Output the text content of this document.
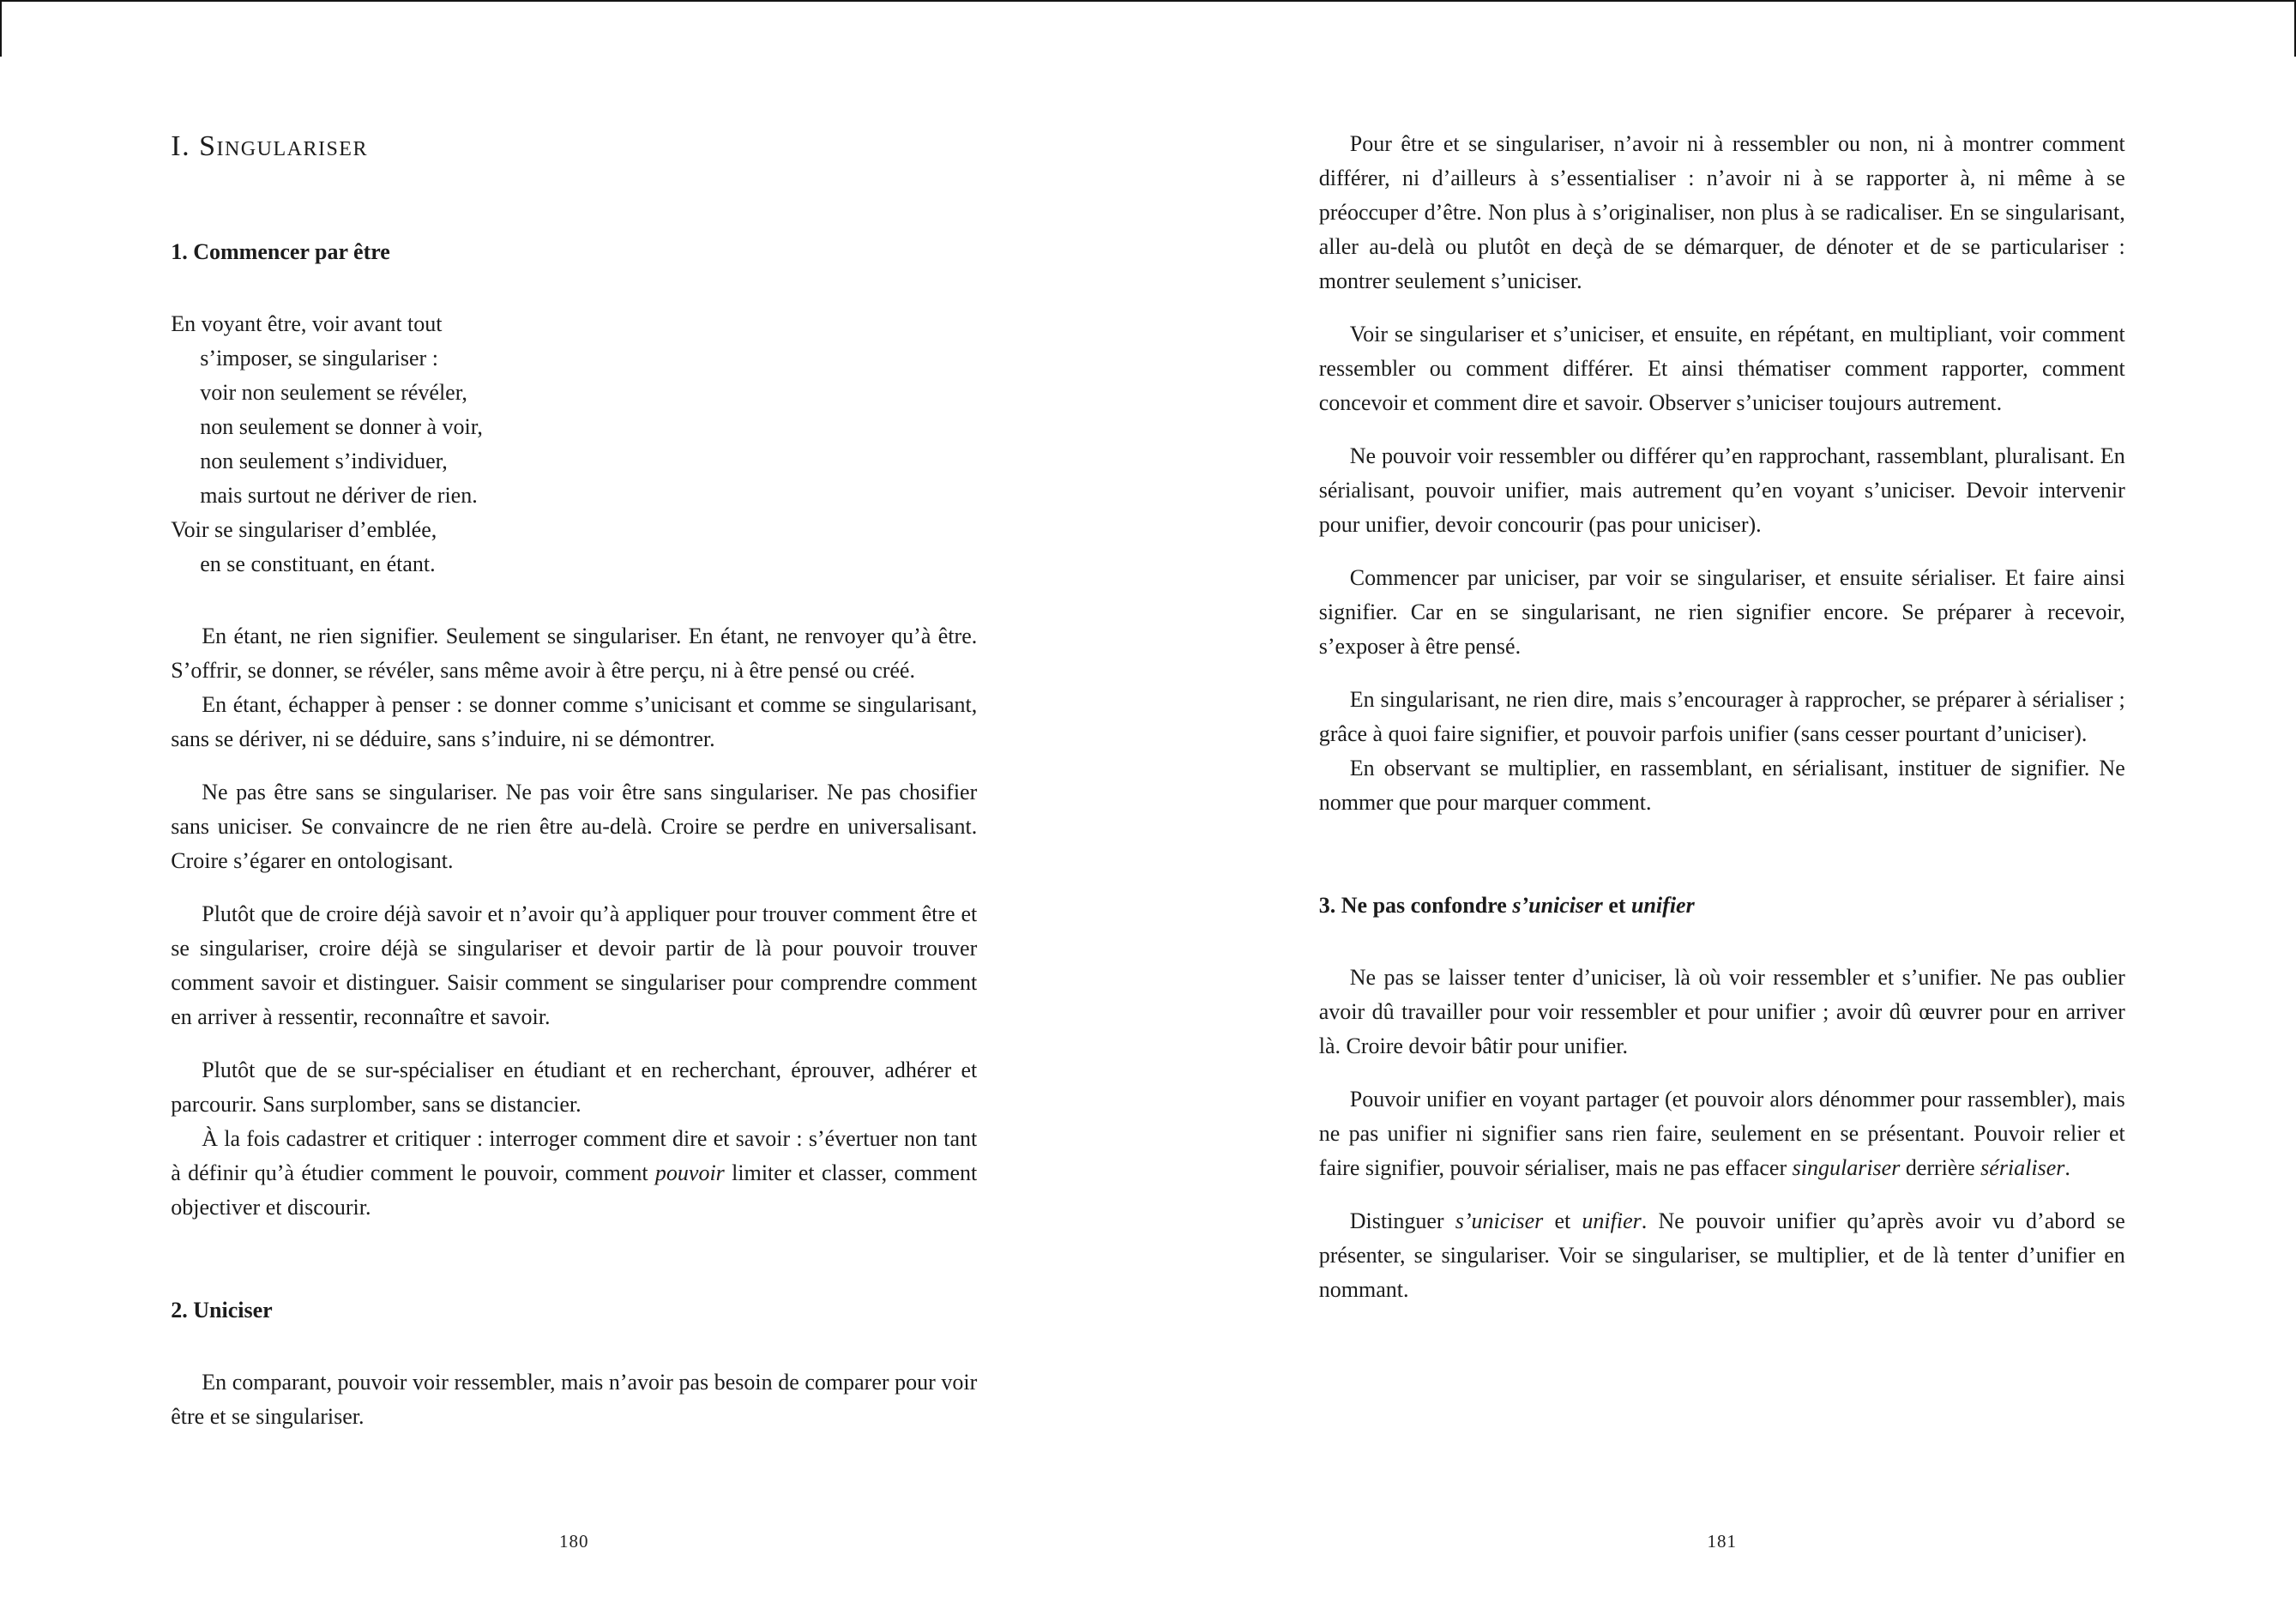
I. Singulariser
1. Commencer par être
En voyant être, voir avant tout
s’imposer, se singulariser :
voir non seulement se révéler,
non seulement se donner à voir,
non seulement s’individuer,
mais surtout ne dériver de rien.
Voir se singulariser d’emblée,
en se constituant, en étant.

En étant, ne rien signifier. Seulement se singulariser. En étant, ne renvoyer qu’à être. S’offrir, se donner, se révéler, sans même avoir à être perçu, ni à être pensé ou créé.

En étant, échapper à penser : se donner comme s’unicisant et comme se singularisant, sans se dériver, ni se déduire, sans s’induire, ni se démontrer.

Ne pas être sans se singulariser. Ne pas voir être sans singulariser. Ne pas chosifier sans uniciser. Se convaincre de ne rien être au-delà. Croire se perdre en universalisant. Croire s’égarer en ontologisant.

Plutôt que de croire déjà savoir et n’avoir qu’à appliquer pour trouver comment être et se singulariser, croire déjà se singulariser et devoir partir de là pour pouvoir trouver comment savoir et distinguer. Saisir comment se singulariser pour comprendre comment en arriver à ressentir, reconnaître et savoir.

Plutôt que de se sur-spécialiser en étudiant et en recherchant, éprouver, adhérer et parcourir. Sans surplomber, sans se distancier.

À la fois cadastrer et critiquer : interroger comment dire et savoir : s’évertuer non tant à définir qu’à étudier comment le pouvoir, comment pouvoir limiter et classer, comment objectiver et discourir.

2. Uniciser

En comparant, pouvoir voir ressembler, mais n’avoir pas besoin de comparer pour voir être et se singulariser.

180

Pour être et se singulariser, n’avoir ni à ressembler ou non, ni à montrer comment différer, ni d’ailleurs à s’essentialiser : n’avoir ni à se rapporter à, ni même à se préoccuper d’être. Non plus à s’originaliser, non plus à se radicaliser. En se singularisant, aller au-delà ou plutôt en deçà de se démarquer, de dénoter et de se particulariser : montrer seulement s’uniciser.

Voir se singulariser et s’uniciser, et ensuite, en répétant, en multipliant, voir comment ressembler ou comment différer. Et ainsi thématiser comment rapporter, comment concevoir et comment dire et savoir. Observer s’uniciser toujours autrement.

Ne pouvoir voir ressembler ou différer qu’en rapprochant, rassemblant, pluralisant. En sérialisant, pouvoir unifier, mais autrement qu’en voyant s’uniciser. Devoir intervenir pour unifier, devoir concourir (pas pour uniciser).

Commencer par uniciser, par voir se singulariser, et ensuite sérialiser. Et faire ainsi signifier. Car en se singularisant, ne rien signifier encore. Se préparer à recevoir, s’exposer à être pensé.

En singularisant, ne rien dire, mais s’encourager à rapprocher, se préparer à sérialiser ; grâce à quoi faire signifier, et pouvoir parfois unifier (sans cesser pourtant d’uniciser).

En observant se multiplier, en rassemblant, en sérialisant, instituer de signifier. Ne nommer que pour marquer comment.

3. Ne pas confondre s’uniciser et unifier

Ne pas se laisser tenter d’uniciser, là où voir ressembler et s’unifier. Ne pas oublier avoir dû travailler pour voir ressembler et pour unifier ; avoir dû œuvrer pour en arriver là. Croire devoir bâtir pour unifier.

Pouvoir unifier en voyant partager (et pouvoir alors dénommer pour rassembler), mais ne pas unifier ni signifier sans rien faire, seulement en se présentant. Pouvoir relier et faire signifier, pouvoir sérialiser, mais ne pas effacer singulariser derrière sérialiser.

Distinguer s’uniciser et unifier. Ne pouvoir unifier qu’après avoir vu d’abord se présenter, se singulariser. Voir se singulariser, se multiplier, et de là tenter d’unifier en nommant.

181
